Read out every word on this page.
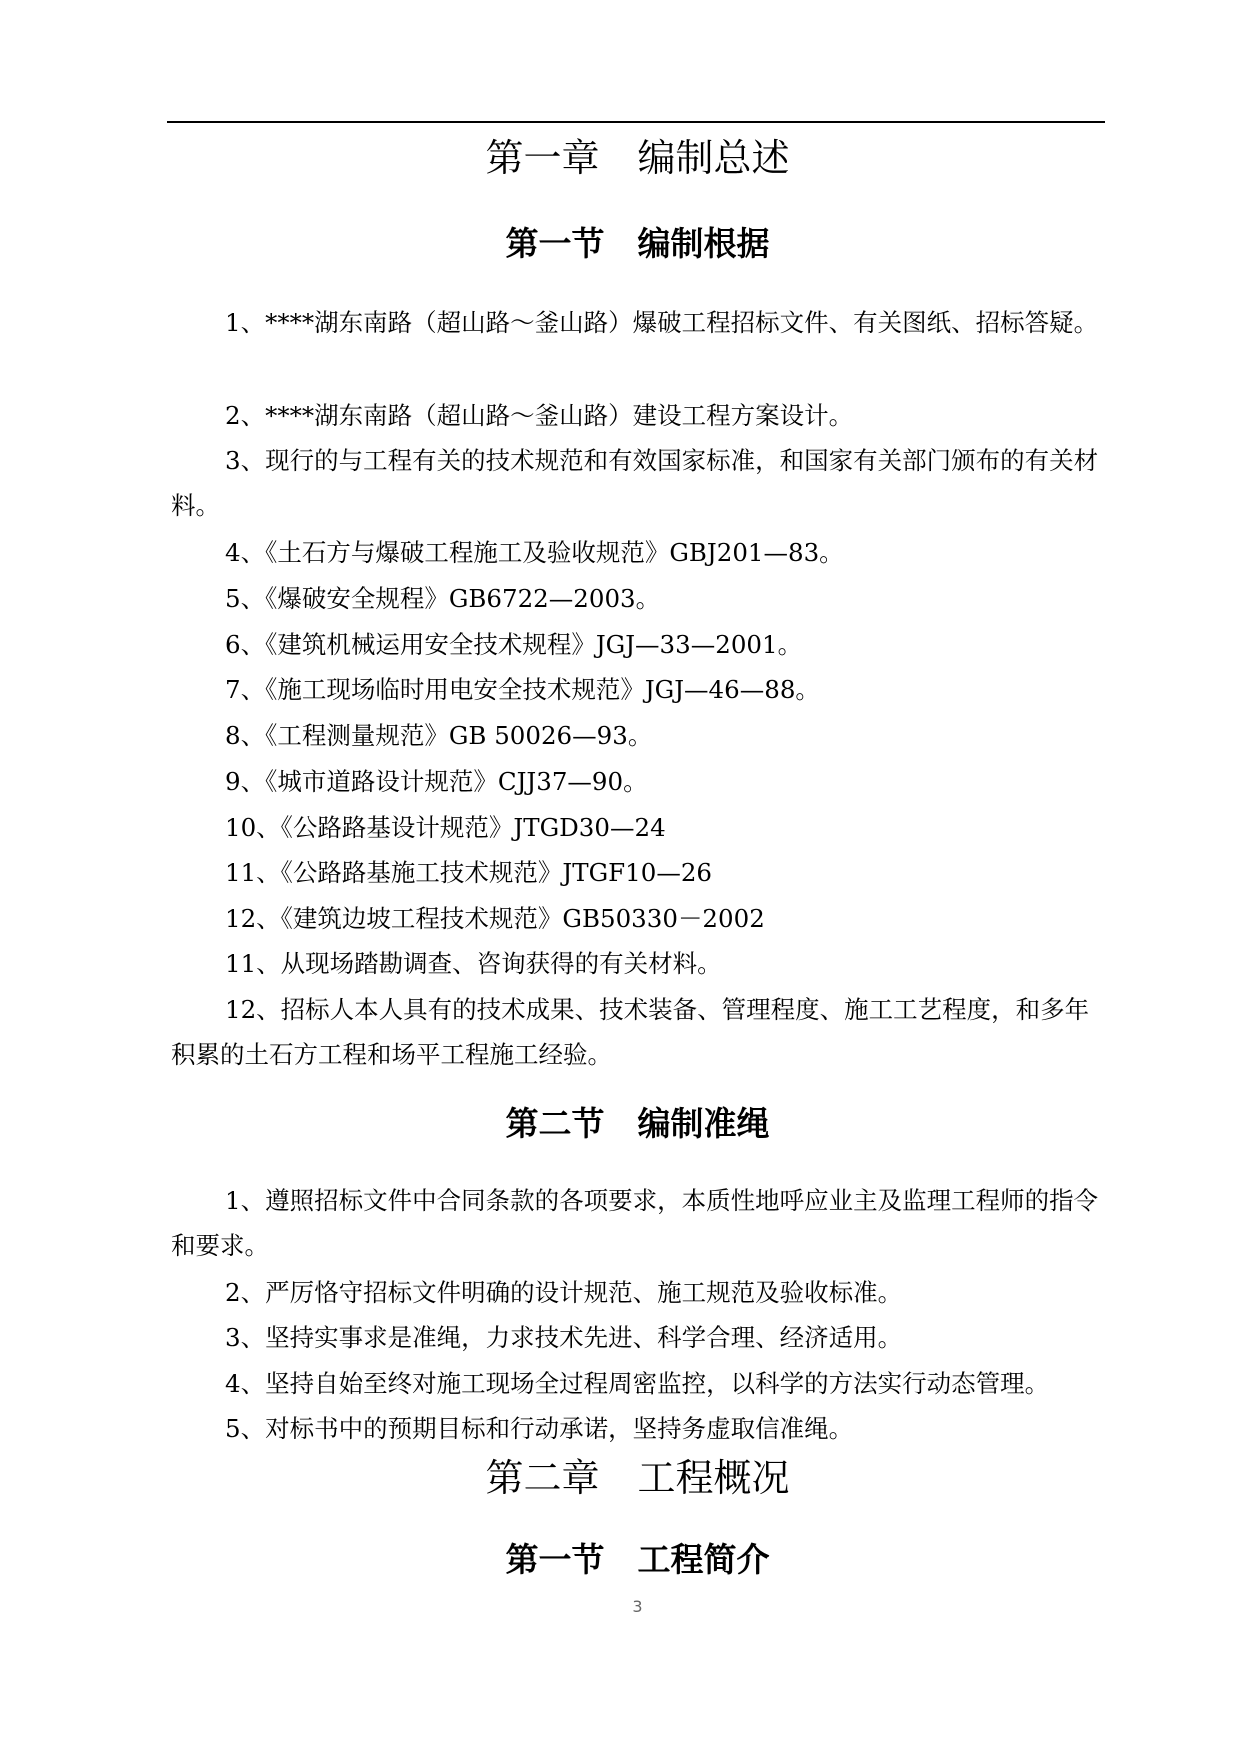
第一章　编制总述
第一节　编制根据

1、****湖东南路（超山路～釜山路）爆破工程招标文件、有关图纸、招标答疑。

2、****湖东南路（超山路～釜山路）建设工程方案设计。

3、现行的与工程有关的技术规范和有效国家标准，和国家有关部门颁布的有关材料。

4、《土石方与爆破工程施工及验收规范》GBJ201—83。

5、《爆破安全规程》GB6722—2003。

6、《建筑机械运用安全技术规程》JGJ—33—2001。

7、《施工现场临时用电安全技术规范》JGJ—46—88。

8、《工程测量规范》GB 50026—93。

9、《城市道路设计规范》CJJ37—90。

10、《公路路基设计规范》JTGD30—24

11、《公路路基施工技术规范》JTGF10—26

12、《建筑边坡工程技术规范》GB50330－2002

11、从现场踏勘调查、咨询获得的有关材料。

12、招标人本人具有的技术成果、技术装备、管理程度、施工工艺程度，和多年积累的土石方工程和场平工程施工经验。

第二节　编制准绳

1、遵照招标文件中合同条款的各项要求，本质性地呼应业主及监理工程师的指令和要求。

2、严厉恪守招标文件明确的设计规范、施工规范及验收标准。

3、坚持实事求是准绳，力求技术先进、科学合理、经济适用。

4、坚持自始至终对施工现场全过程周密监控，以科学的方法实行动态管理。

5、对标书中的预期目标和行动承诺，坚持务虚取信准绳。

第二章　工程概况
第一节　工程简介
3
